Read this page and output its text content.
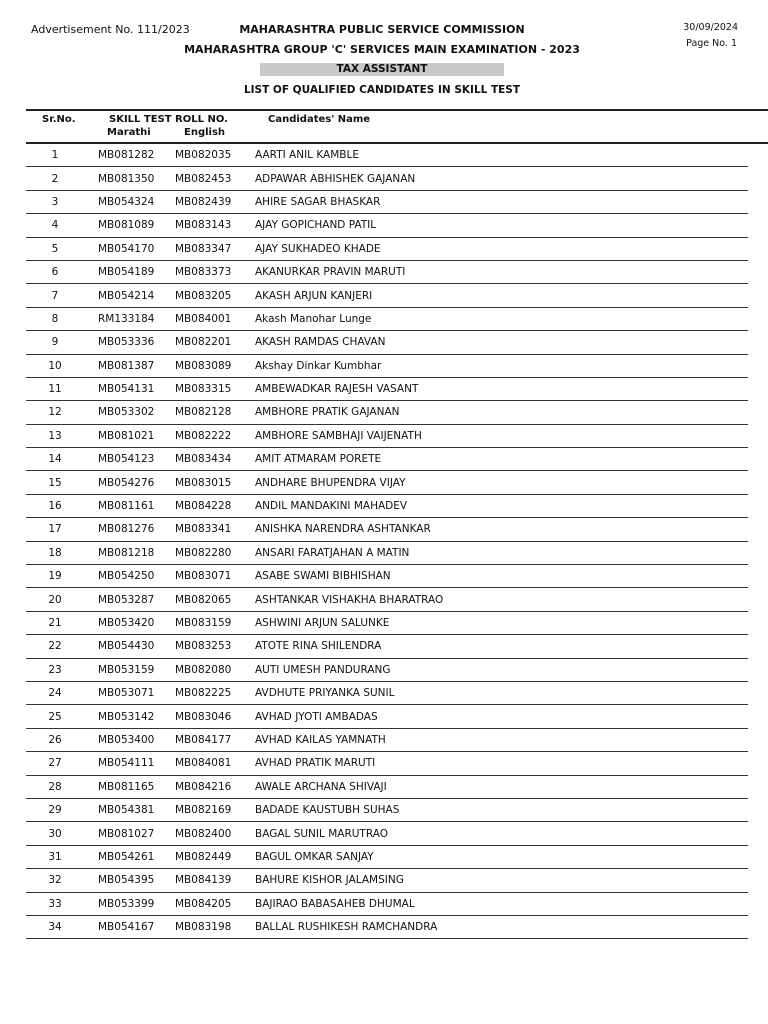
Advertisement No. 111/2023	MAHARASHTRA PUBLIC SERVICE COMMISSION	30/09/2024
Page No. 1
MAHARASHTRA GROUP 'C' SERVICES MAIN EXAMINATION - 2023
TAX ASSISTANT
LIST OF QUALIFIED CANDIDATES IN SKILL TEST
Sr.No.	SKILL TEST ROLL NO.
Marathi	English
Candidates' Name
1	MB081282	MB082035	AARTI ANIL KAMBLE
2	MB081350	MB082453	ADPAWAR ABHISHEK GAJANAN
3	MB054324	MB082439	AHIRE SAGAR BHASKAR
4	MB081089	MB083143	AJAY GOPICHAND PATIL
5	MB054170	MB083347	AJAY SUKHADEO KHADE
6	MB054189	MB083373	AKANURKAR PRAVIN MARUTI
7	MB054214	MB083205	AKASH ARJUN KANJERI
8	RM133184	MB084001	Akash Manohar Lunge
9	MB053336	MB082201	AKASH RAMDAS CHAVAN
10	MB081387	MB083089	Akshay Dinkar Kumbhar
11	MB054131	MB083315	AMBEWADKAR RAJESH VASANT
12	MB053302	MB082128	AMBHORE PRATIK GAJANAN
13	MB081021	MB082222	AMBHORE SAMBHAJI VAIJENATH
14	MB054123	MB083434	AMIT ATMARAM PORETE
15	MB054276	MB083015	ANDHARE BHUPENDRA VIJAY
16	MB081161	MB084228	ANDIL MANDAKINI MAHADEV
17	MB081276	MB083341	ANISHKA NARENDRA ASHTANKAR
18	MB081218	MB082280	ANSARI FARATJAHAN A MATIN
19	MB054250	MB083071	ASABE SWAMI BIBHISHAN
20	MB053287	MB082065	ASHTANKAR VISHAKHA BHARATRAO
21	MB053420	MB083159	ASHWINI ARJUN SALUNKE
22	MB054430	MB083253	ATOTE RINA SHILENDRA
23	MB053159	MB082080	AUTI UMESH PANDURANG
24	MB053071	MB082225	AVDHUTE PRIYANKA SUNIL
25	MB053142	MB083046	AVHAD JYOTI AMBADAS
26	MB053400	MB084177	AVHAD KAILAS YAMNATH
27	MB054111	MB084081	AVHAD PRATIK MARUTI
28	MB081165	MB084216	AWALE ARCHANA SHIVAJI
29	MB054381	MB082169	BADADE KAUSTUBH SUHAS
30	MB081027	MB082400	BAGAL SUNIL MARUTRAO
31	MB054261	MB082449	BAGUL OMKAR SANJAY
32	MB054395	MB084139	BAHURE KISHOR JALAMSING
33	MB053399	MB084205	BAJIRAO BABASAHEB DHUMAL
34	MB054167	MB083198	BALLAL RUSHIKESH RAMCHANDRA
